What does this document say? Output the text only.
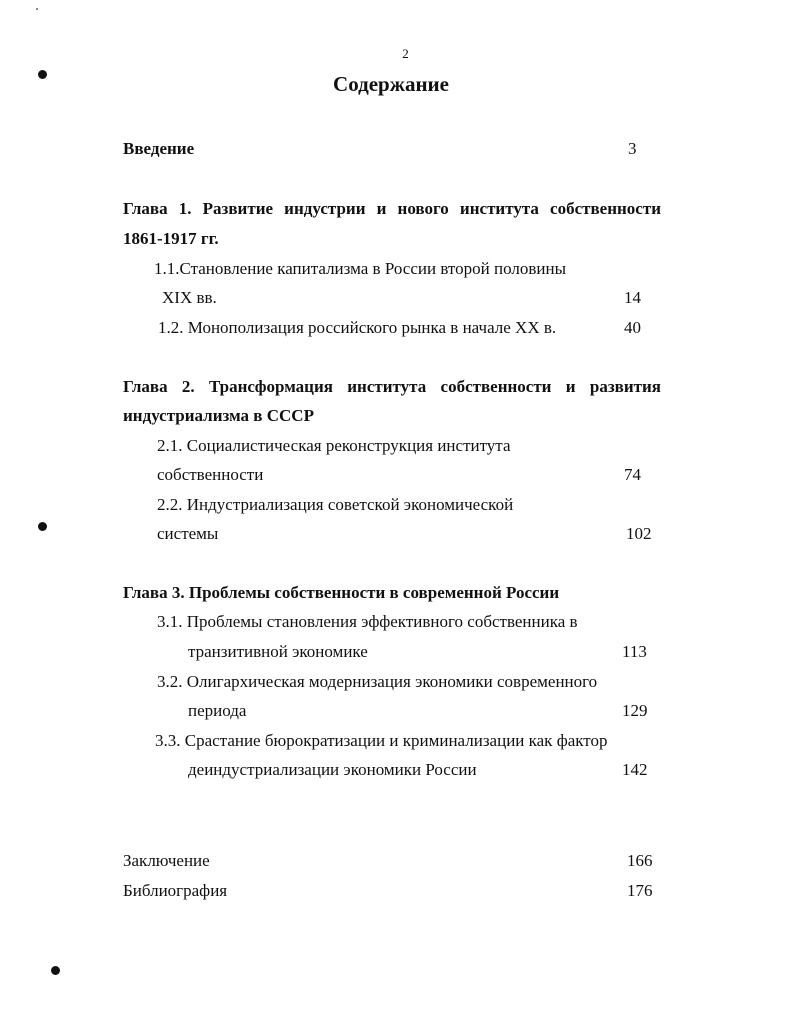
2
Содержание
Введение	3
Глава 1. Развитие индустрии и нового института собственности
1861-1917 гг.
1.1.Становление капитализма в России второй половины
XIX вв.	14
1.2. Монополизация российского рынка в начале XX в.	40
Глава 2. Трансформация института собственности и развития
индустриализма в СССР
2.1. Социалистическая реконструкция института
собственности	74
2.2. Индустриализация советской экономической
системы	102
Глава 3. Проблемы собственности в современной России
3.1. Проблемы становления эффективного собственника в
транзитивной экономике	113
3.2. Олигархическая модернизация экономики современного
периода	129
3.3. Срастание бюрократизации и криминализации как фактор
деиндустриализации экономики России	142
Заключение	166
Библиография	176
